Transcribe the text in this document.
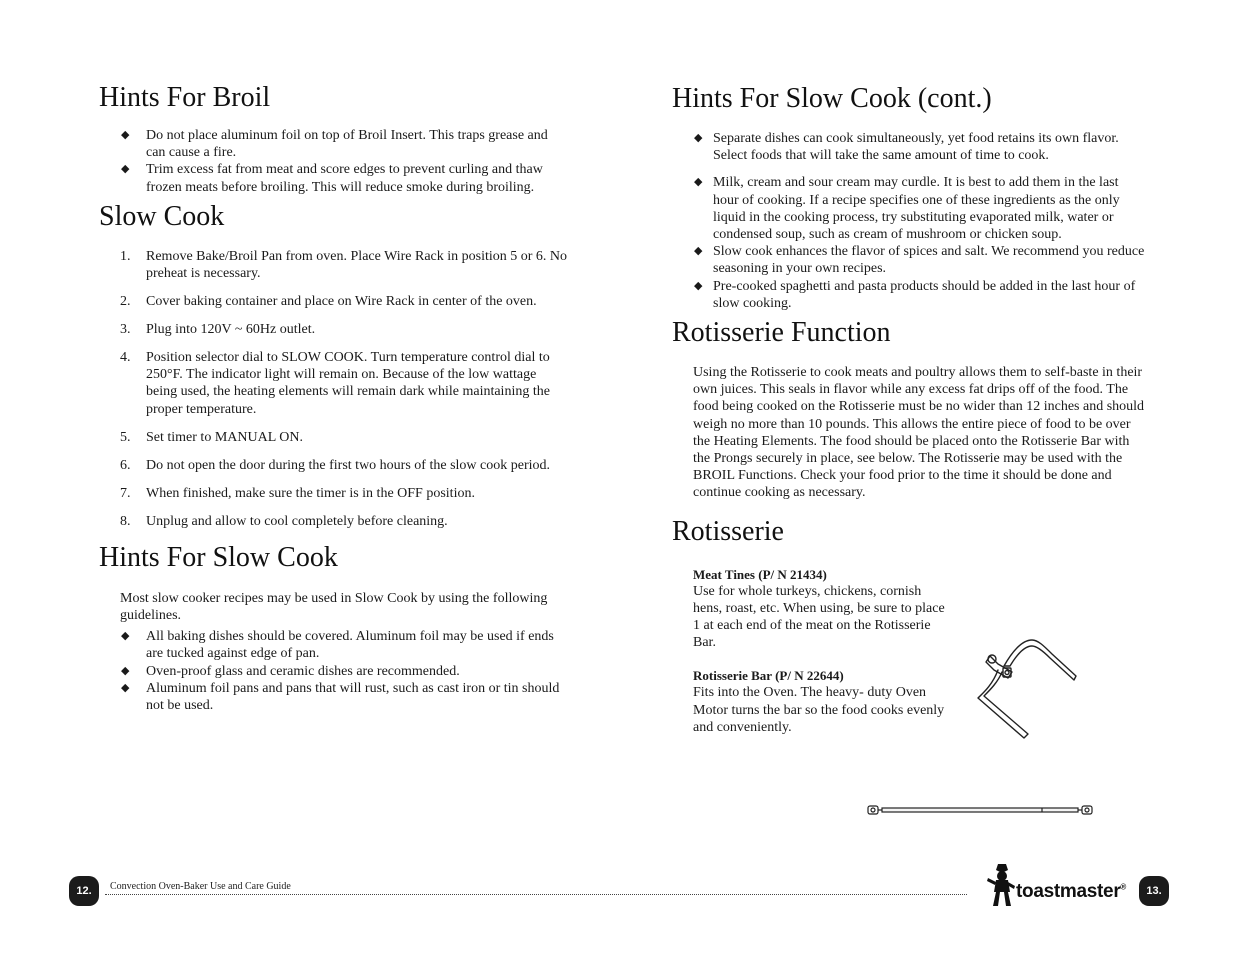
Hints For Broil
◆ Do not place aluminum foil on top of Broil Insert. This traps grease and can cause a fire.
◆ Trim excess fat from meat and score edges to prevent curling and thaw frozen meats before broiling. This will reduce smoke during broiling.
Slow Cook
1. Remove Bake/Broil Pan from oven. Place Wire Rack in position 5 or 6. No preheat is necessary.
2. Cover baking container and place on Wire Rack in center of the oven.
3. Plug into 120V ~ 60Hz outlet.
4. Position selector dial to SLOW COOK. Turn temperature control dial to 250°F. The indicator light will remain on. Because of the low wattage being used, the heating elements will remain dark while maintaining the proper temperature.
5. Set timer to MANUAL ON.
6. Do not open the door during the first two hours of the slow cook period.
7. When finished, make sure the timer is in the OFF position.
8. Unplug and allow to cool completely before cleaning.
Hints For Slow Cook

Most slow cooker recipes may be used in Slow Cook by using the following guidelines.

◆ All baking dishes should be covered. Aluminum foil may be used if ends are tucked against edge of pan.
◆ Oven-proof glass and ceramic dishes are recommended.
◆ Aluminum foil pans and pans that will rust, such as cast iron or tin should not be used.
Hints For Slow Cook (cont.)
◆ Separate dishes can cook simultaneously, yet food retains its own flavor. Select foods that will take the same amount of time to cook.
◆ Milk, cream and sour cream may curdle. It is best to add them in the last hour of cooking. If a recipe specifies one of these ingredients as the only liquid in the cooking process, try substituting evaporated milk, water or condensed soup, such as cream of mushroom or chicken soup.
◆ Slow cook enhances the flavor of spices and salt. We recommend you reduce seasoning in your own recipes.
◆ Pre-cooked spaghetti and pasta products should be added in the last hour of slow cooking.
Rotisserie Function

Using the Rotisserie to cook meats and poultry allows them to self-baste in their own juices. This seals in flavor while any excess fat drips off of the food. The food being cooked on the Rotisserie must be no wider than 12 inches and should weigh no more than 10 pounds. This allows the entire piece of food to be over the Heating Elements. The food should be placed onto the Rotisserie Bar with the Prongs securely in place, see below. The Rotisserie may be used with the BROIL Functions. Check your food prior to the time it should be done and continue cooking as necessary.

Rotisserie
Meat Tines (P/ N 21434)
Use for whole turkeys, chickens, cornish hens, roast, etc. When using, be sure to place 1 at each end of the meat on the Rotisserie Bar.
Rotisserie Bar (P/ N 22644)
Fits into the Oven. The heavy- duty Oven Motor turns the bar so the food cooks evenly and conveniently.
12.	Convection Oven-Baker Use and Care Guide	toastmaster®	13.
